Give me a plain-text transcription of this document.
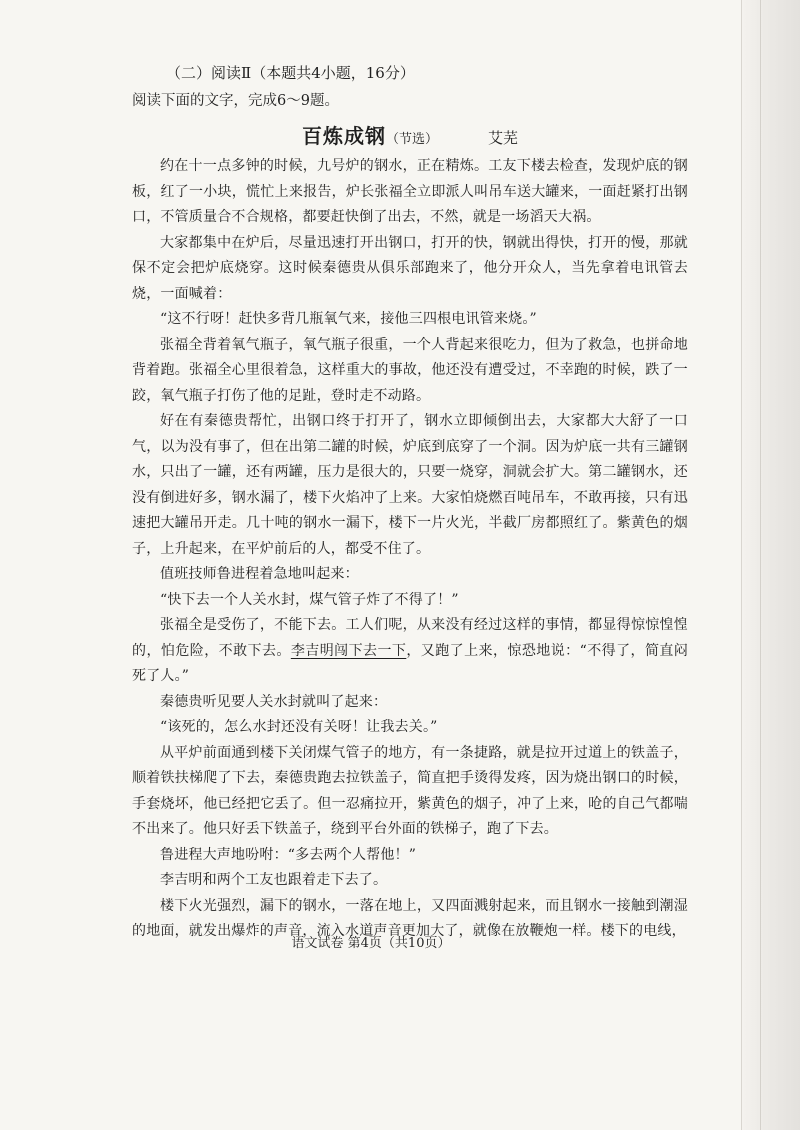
（二）阅读Ⅱ（本题共4小题，16分）
阅读下面的文字，完成6～9题。
百炼成钢（节选）	艾芜

约在十一点多钟的时候，九号炉的钢水，正在精炼。工友下楼去检查，发现炉底的钢板，红了一小块，慌忙上来报告，炉长张福全立即派人叫吊车送大罐来，一面赶紧打出钢口，不管质量合不合规格，都要赶快倒了出去，不然，就是一场滔天大祸。

大家都集中在炉后，尽量迅速打开出钢口，打开的快，钢就出得快，打开的慢，那就保不定会把炉底烧穿。这时候秦德贵从俱乐部跑来了，他分开众人，当先拿着电讯管去烧，一面喊着：

“这不行呀！赶快多背几瓶氧气来，接他三四根电讯管来烧。”

张福全背着氧气瓶子，氧气瓶子很重，一个人背起来很吃力，但为了救急，也拼命地背着跑。张福全心里很着急，这样重大的事故，他还没有遭受过，不幸跑的时候，跌了一跤，氧气瓶子打伤了他的足趾，登时走不动路。

好在有秦德贵帮忙，出钢口终于打开了，钢水立即倾倒出去，大家都大大舒了一口气，以为没有事了，但在出第二罐的时候，炉底到底穿了一个洞。因为炉底一共有三罐钢水，只出了一罐，还有两罐，压力是很大的，只要一烧穿，洞就会扩大。第二罐钢水，还没有倒进好多，钢水漏了，楼下火焰冲了上来。大家怕烧燃百吨吊车，不敢再接，只有迅速把大罐吊开走。几十吨的钢水一漏下，楼下一片火光，半截厂房都照红了。紫黄色的烟子，上升起来，在平炉前后的人，都受不住了。

值班技师鲁进程着急地叫起来：

“快下去一个人关水封，煤气管子炸了不得了！”

张福全是受伤了，不能下去。工人们呢，从来没有经过这样的事情，都显得惊惊惶惶的，怕危险，不敢下去。李吉明闯下去一下，又跑了上来，惊恐地说：“不得了，简直闷死了人。”

秦德贵听见要人关水封就叫了起来：

“该死的，怎么水封还没有关呀！让我去关。”

从平炉前面通到楼下关闭煤气管子的地方，有一条捷路，就是拉开过道上的铁盖子，顺着铁扶梯爬了下去，秦德贵跑去拉铁盖子，简直把手烫得发疼，因为烧出钢口的时候，手套烧坏，他已经把它丢了。但一忍痛拉开，紫黄色的烟子，冲了上来，呛的自己气都喘不出来了。他只好丢下铁盖子，绕到平台外面的铁梯子，跑了下去。

鲁进程大声地吩咐：“多去两个人帮他！”

李吉明和两个工友也跟着走下去了。

楼下火光强烈，漏下的钢水，一落在地上，又四面溅射起来，而且钢水一接触到潮湿的地面，就发出爆炸的声音，流入水道声音更加大了，就像在放鞭炮一样。楼下的电线，

语文试卷 第4页（共10页）
